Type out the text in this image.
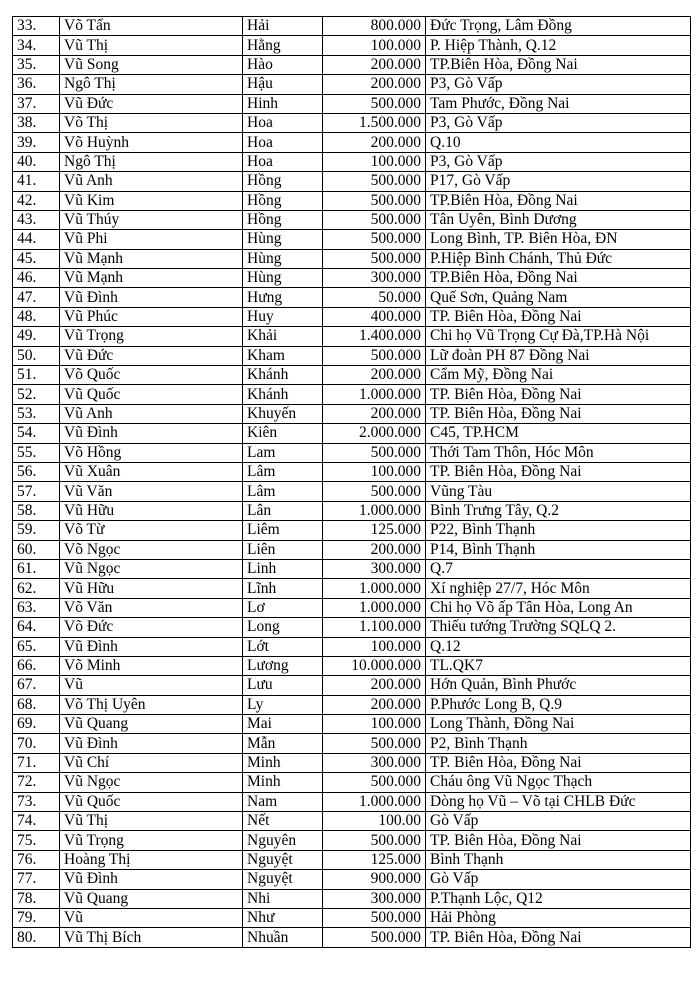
33.	Võ Tấn	Hải	800.000	Đức Trọng, Lâm Đồng
34.	Vũ Thị	Hằng	100.000	P. Hiệp Thành, Q.12
35.	Vũ Song	Hào	200.000	TP.Biên Hòa, Đồng Nai
36.	Ngô Thị	Hậu	200.000	P3, Gò Vấp
37.	Vũ Đức	Hinh	500.000	Tam Phước, Đồng Nai
38.	Võ Thị	Hoa	1.500.000	P3, Gò Vấp
39.	Võ Huỳnh	Hoa	200.000	Q.10
40.	Ngô Thị	Hoa	100.000	P3, Gò Vấp
41.	Vũ Anh	Hồng	500.000	P17, Gò Vấp
42.	Vũ Kim	Hồng	500.000	TP.Biên Hòa, Đồng Nai
43.	Vũ Thúy	Hồng	500.000	Tân Uyên, Bình Dương
44.	Vũ Phi	Hùng	500.000	Long Bình, TP. Biên Hòa, ĐN
45.	Vũ Mạnh	Hùng	500.000	P.Hiệp Bình Chánh, Thủ Đức
46.	Vũ Mạnh	Hùng	300.000	TP.Biên Hòa, Đồng Nai
47.	Vũ Đình	Hưng	50.000	Quế Sơn, Quảng Nam
48.	Vũ Phúc	Huy	400.000	TP. Biên Hòa, Đồng Nai
49.	Vũ Trọng	Khải	1.400.000	Chi họ Vũ Trọng Cự Đà,TP.Hà Nội
50.	Vũ Đức	Kham	500.000	Lữ đoàn PH 87 Đồng Nai
51.	Võ Quốc	Khánh	200.000	Cẩm Mỹ, Đồng Nai
52.	Vũ Quốc	Khánh	1.000.000	TP. Biên Hòa, Đồng Nai
53.	Vũ Anh	Khuyến	200.000	TP. Biên Hòa, Đồng Nai
54.	Vũ Đình	Kiên	2.000.000	C45, TP.HCM
55.	Võ Hồng	Lam	500.000	Thới Tam Thôn, Hóc Môn
56.	Vũ Xuân	Lâm	100.000	TP. Biên Hòa, Đồng Nai
57.	Vũ Văn	Lâm	500.000	Vũng Tàu
58.	Vũ Hữu	Lân	1.000.000	Bình Trưng Tây, Q.2
59.	Võ Từ	Liêm	125.000	P22, Bình Thạnh
60.	Võ Ngọc	Liên	200.000	P14, Bình Thạnh
61.	Vũ Ngọc	Linh	300.000	Q.7
62.	Vũ Hữu	Lĩnh	1.000.000	Xí nghiệp 27/7, Hóc Môn
63.	Võ Văn	Lơ	1.000.000	Chi họ Võ ấp Tân Hòa, Long An
64.	Võ Đức	Long	1.100.000	Thiếu tướng Trường SQLQ 2.
65.	Vũ Đình	Lớt	100.000	Q.12
66.	Võ Minh	Lương	10.000.000	TL.QK7
67.	Vũ	Lưu	200.000	Hớn Quản, Bình Phước
68.	Võ Thị Uyên	Ly	200.000	P.Phước Long B, Q.9
69.	Vũ Quang	Mai	100.000	Long Thành, Đồng Nai
70.	Vũ Đình	Mẫn	500.000	P2, Bình Thạnh
71.	Vũ Chí	Minh	300.000	TP. Biên Hòa, Đồng Nai
72.	Vũ Ngọc	Minh	500.000	Cháu ông Vũ Ngọc Thạch
73.	Vũ Quốc	Nam	1.000.000	Dòng họ Vũ – Võ tại CHLB Đức
74.	Vũ Thị	Nết	100.00	Gò Vấp
75.	Vũ Trọng	Nguyên	500.000	TP. Biên Hòa, Đồng Nai
76.	Hoàng Thị	Nguyệt	125.000	Bình Thạnh
77.	Vũ Đình	Nguyệt	900.000	Gò Vấp
78.	Vũ Quang	Nhi	300.000	P.Thạnh Lộc, Q12
79.	Vũ	Như	500.000	Hải Phòng
80.	Vũ Thị Bích	Nhuần	500.000	TP. Biên Hòa, Đồng Nai
